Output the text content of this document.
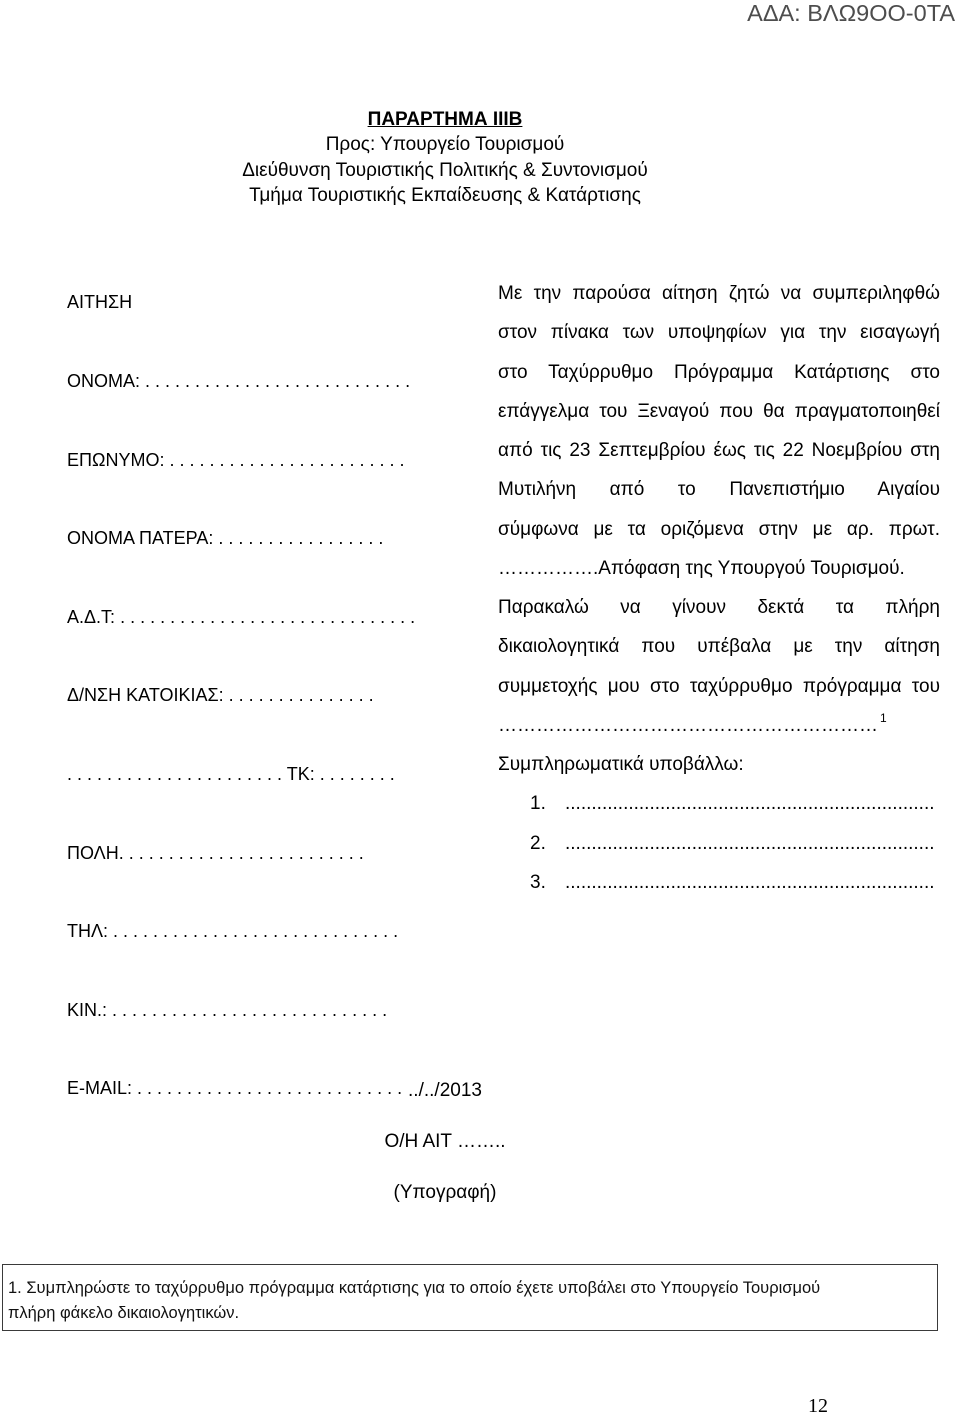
ΑΔΑ: ΒΛΩ9ΟΟ-0ΤΑ
ΠΑΡΑΡΤΗΜΑ ΙΙΙΒ
Προς: Υπουργείο Τουρισμού
Διεύθυνση Τουριστικής Πολιτικής & Συντονισμού
Τμήμα Τουριστικής Εκπαίδευσης & Κατάρτισης

ΑΙΤΗΣΗ

ΟΝΟΜΑ: . . . . . . . . . . . . . . . . . . . . . . . . . . .

ΕΠΩΝΥΜΟ: . . . . . . . . . . . . . . . . . . . . . . . .

ΟΝΟΜΑ ΠΑΤΕΡΑ: . . . . . . . . . . . . . . . . .

Α.Δ.Τ: . . . . . . . . . . . . . . . . . . . . . . . . . . . . . .

Δ/ΝΣΗ ΚΑΤΟΙΚΙΑΣ: . . . . . . . . . . . . . . .

. . . . . . . . . . . . . . . . . . . . . . ΤΚ: . . . . . . . .

ΠΟΛΗ. . . . . . . . . . . . . . . . . . . . . . . . .

ΤΗΛ: . . . . . . . . . . . . . . . . . . . . . . . . . . . . .

ΚΙΝ.: . . . . . . . . . . . . . . . . . . . . . . . . . . . .

E-MAIL: . . . . . . . . . . . . . . . . . . . . . . . . . . .

Με την παρούσα αίτηση ζητώ να συμπεριληφθώ
στον πίνακα των υποψηφίων για την εισαγωγή
στο Ταχύρρυθμο Πρόγραμμα Κατάρτισης στο
επάγγελμα του Ξεναγού που θα πραγματοποιηθεί
από τις 23 Σεπτεμβρίου έως τις 22 Νοεμβρίου στη
Μυτιλήνη από το Πανεπιστήμιο Αιγαίου
σύμφωνα με τα οριζόμενα στην με αρ. πρωτ.
…………….Απόφαση της Υπουργού Τουρισμού.
Παρακαλώ να γίνουν δεκτά τα πλήρη
δικαιολογητικά που υπέβαλα με την αίτηση
συμμετοχής μου στο ταχύρρυθμο πρόγραμμα του
…………………………………………………… 1
Συμπληρωματικά υποβάλλω:
1. ......................................................................
2. ......................................................................
3. ......................................................................
../../2013
Ο/Η ΑΙΤ ……..
(Υπογραφή)
1. Συμπληρώστε το ταχύρρυθμο πρόγραμμα κατάρτισης για το οποίο έχετε υποβάλει στο Υπουργείο Τουρισμού
πλήρη φάκελο δικαιολογητικών.
12
